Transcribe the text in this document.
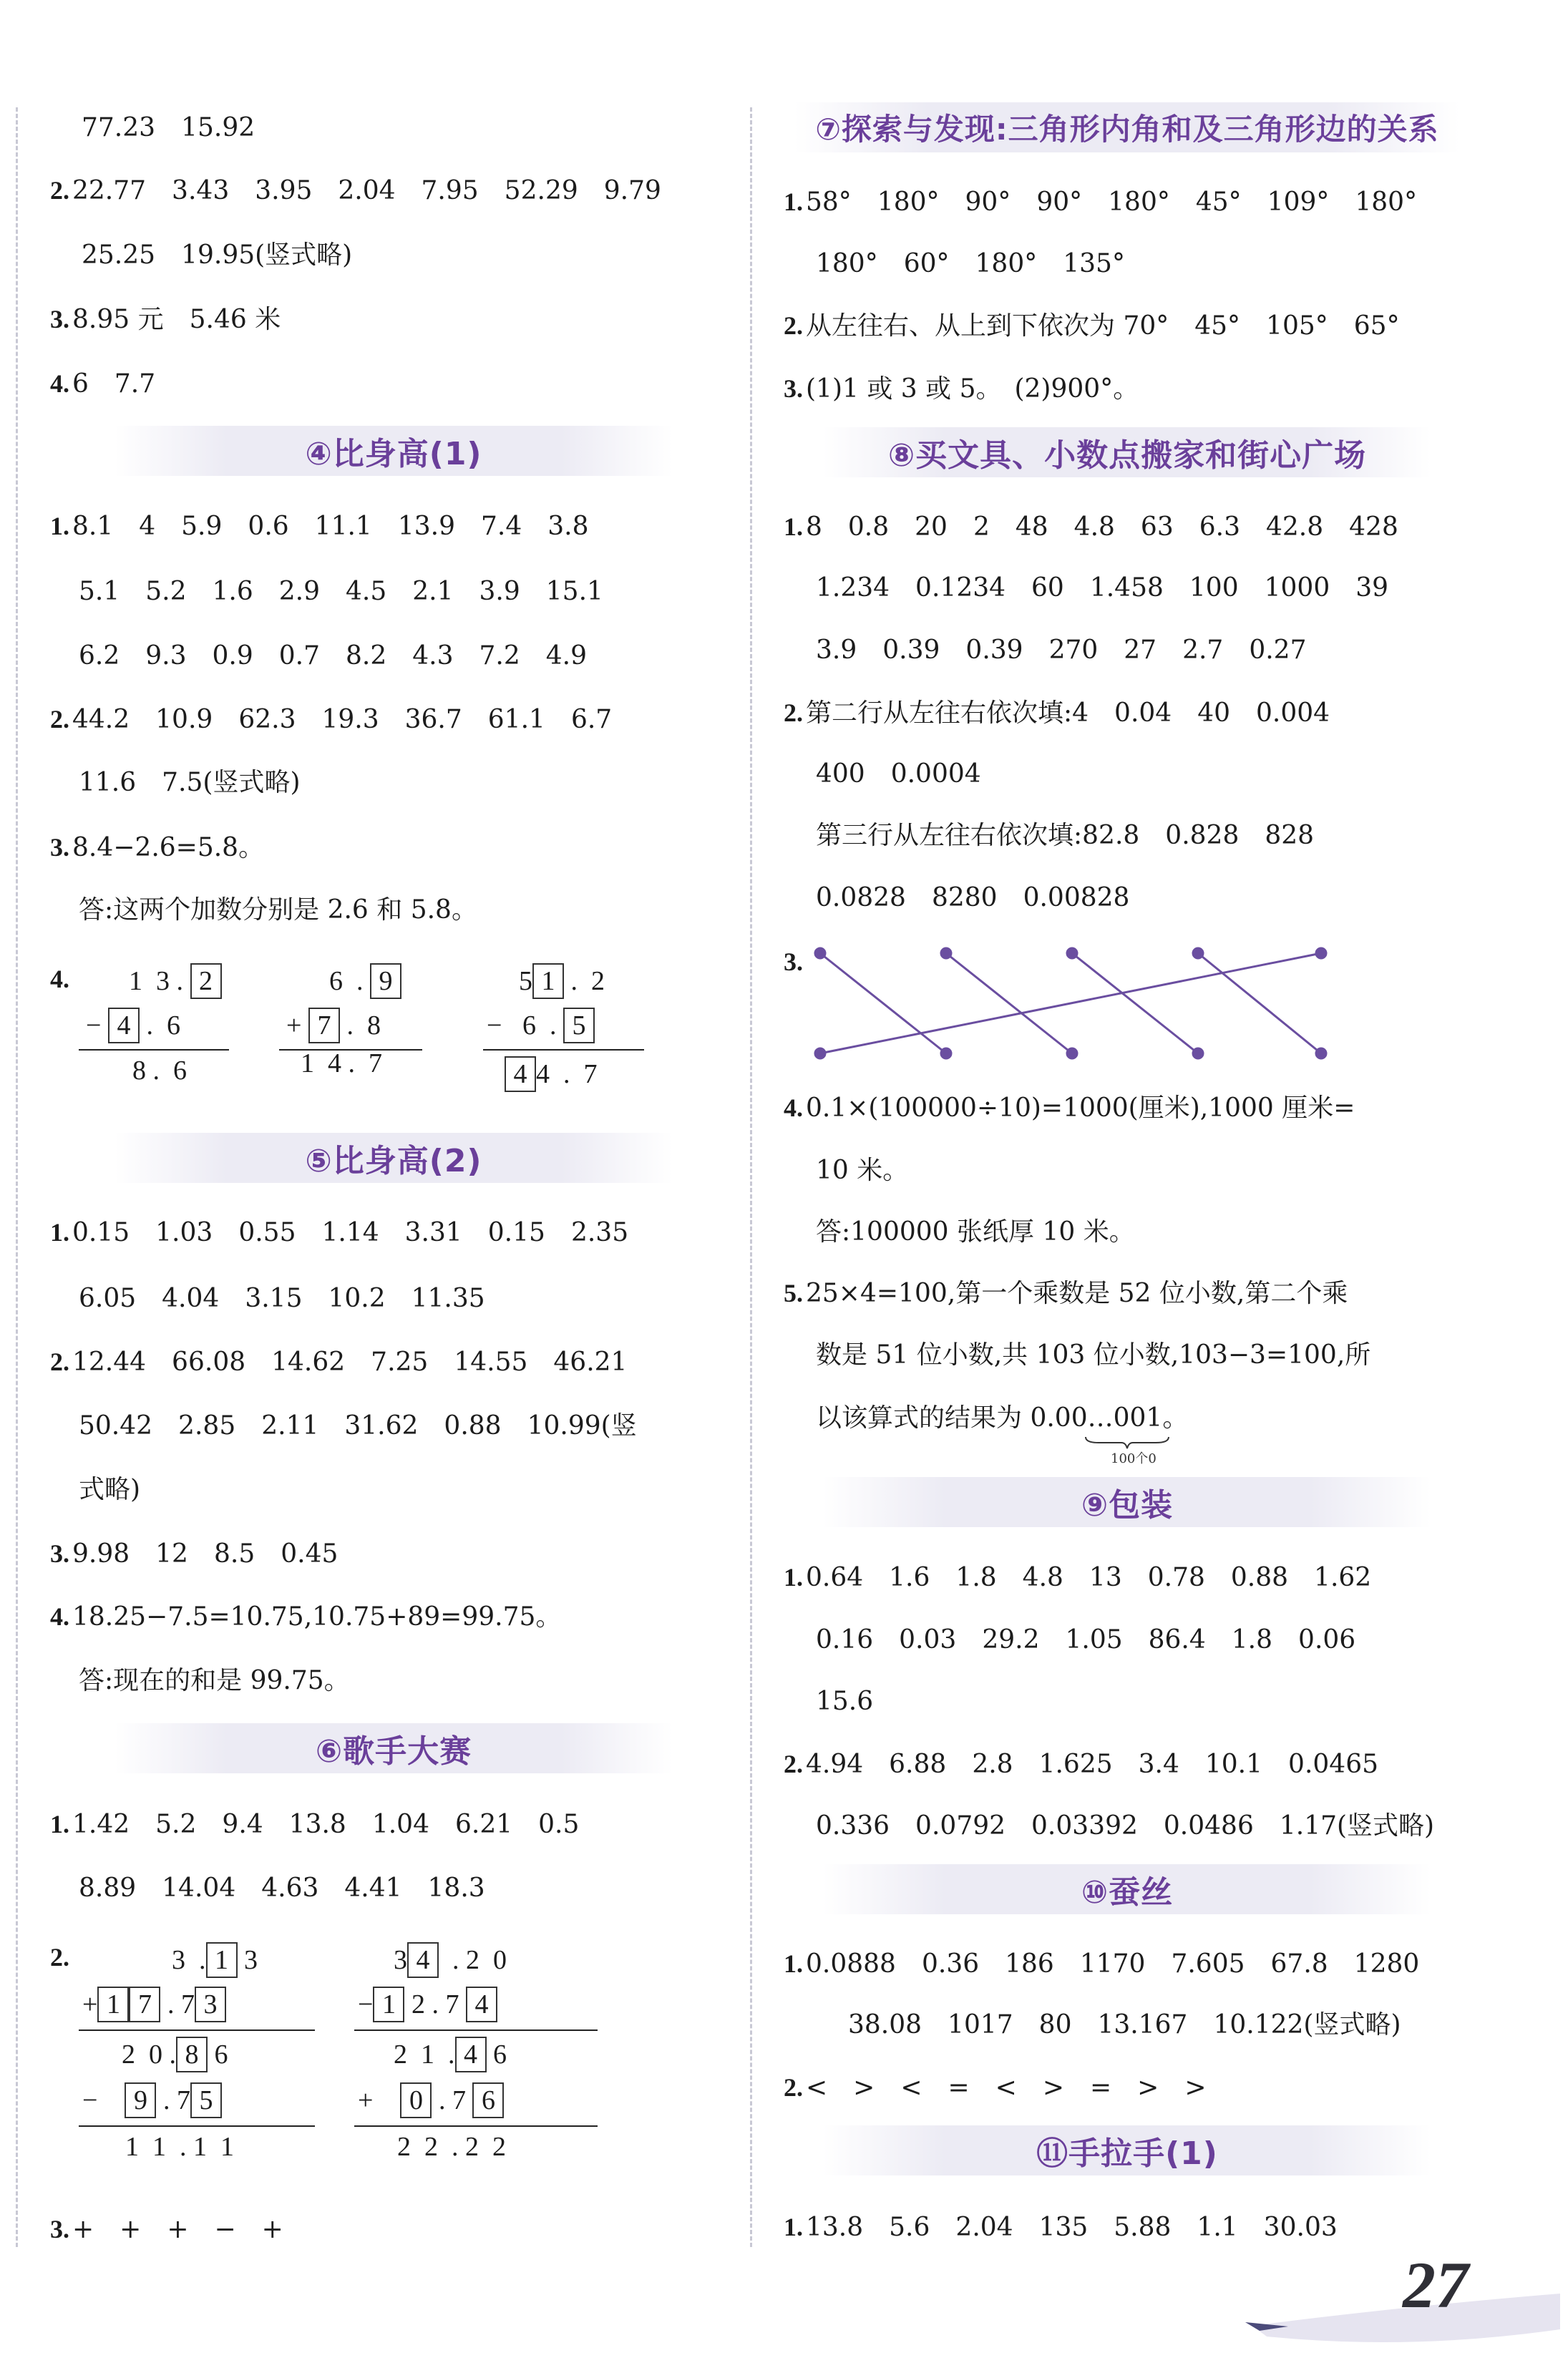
77.23　15.92
2. 22.77　3.43　3.95　2.04　7.95　52.29　9.79
25.25　19.95(竖式略)
3. 8.95 元　5.46 米
4. 6　7.7
④比身高(1)
1. 8.1　4　5.9　0.6　11.1　13.9　7.4　3.8
5.1　5.2　1.6　2.9　4.5　2.1　3.9　15.1
6.2　9.3　0.9　0.7　8.2　4.3　7.2　4.9
2. 44.2　10.9　62.3　19.3　36.7　61.1　6.7
11.6　7.5(竖式略)
3. 8.4−2.6=5.8。
答:这两个加数分别是 2.6 和 5.8。
4. 1 3 . 2
− 4 . 6
8 . 6
6 . 9
+ 7 . 8
1 4 . 7
5 1 . 2
− 6 . 5
4 4 . 7
⑤比身高(2)
1. 0.15　1.03　0.55　1.14　3.31　0.15　2.35
6.05　4.04　3.15　10.2　11.35
2. 12.44　66.08　14.62　7.25　14.55　46.21
50.42　2.85　2.11　31.62　0.88　10.99(竖
式略)
3. 9.98　12　8.5　0.45
4. 18.25−7.5=10.75,10.75+89=99.75。
答:现在的和是 99.75。
⑥歌手大赛
1. 1.42　5.2　9.4　13.8　1.04　6.21　0.5
8.89　14.04　4.63　4.41　18.3
2.	3 . 1 3
+ 1 7 . 7 3
2 0 . 8 6
− 9 . 7 5
1 1 . 1 1
3 4 . 2 0
− 1 2 . 7 4
2 1 . 4 6
+ 0 . 7 6
2 2 . 2 2
3. +　+　+　−　+
⑦探索与发现:三角形内角和及三角形边的关系
1. 58°　180°　90°　90°　180°　45°　109°　180°
180°　60°　180°　135°
2. 从左往右、从上到下依次为 70°　45°　105°　65°
3. (1)1 或 3 或 5。　(2)900°。
⑧买文具、小数点搬家和街心广场
1. 8　0.8　20　2　48　4.8　63　6.3　42.8　428
1.234　0.1234　60　1.458　100　1000　39
3.9　0.39　0.39　270　27　2.7　0.27
2. 第二行从左往右依次填:4　0.04　40　0.004
400　0.0004
第三行从左往右依次填:82.8　0.828　828
0.0828　8280　0.00828
3.
4. 0.1×(100000÷10)=1000(厘米),1000 厘米=
10 米。
答:100000 张纸厚 10 米。
5. 25×4=100,第一个乘数是 52 位小数,第二个乘
数是 51 位小数,共 103 位小数,103−3=100,所
以该算式的结果为 0.00…001。
100个0
⑨包装
1. 0.64　1.6　1.8　4.8　13　0.78　0.88　1.62
0.16　0.03　29.2　1.05　86.4　1.8　0.06
15.6
2. 4.94　6.88　2.8　1.625　3.4　10.1　0.0465
0.336　0.0792　0.03392　0.0486　1.17(竖式略)
⑩蚕丝
1. 0.0888　0.36　186　1170　7.605　67.8　1280
38.08　1017　80　13.167　10.122(竖式略)
2. <　>　<　=　<　>　=　>　>
⑪手拉手(1)
1. 13.8　5.6　2.04　135　5.88　1.1　30.03
27
